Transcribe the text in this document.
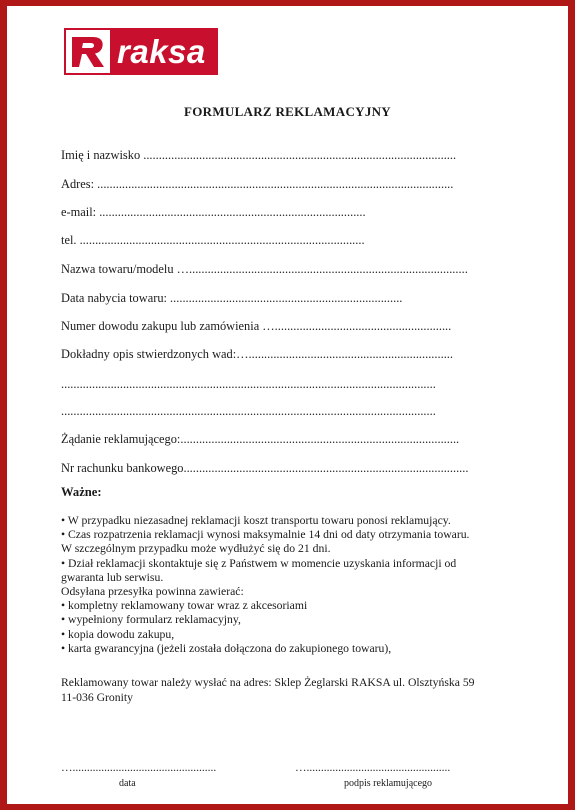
raksa
FORMULARZ REKLAMACYJNY
Imię i nazwisko .....................................................................................................
Adres: ...................................................................................................................
e-mail: ......................................................................................
tel. ............................................................................................
Nazwa towaru/modelu …..........................................................................................
Data nabycia towaru: ...........................................................................
Numer dowodu zakupu lub zamówienia ….........................................................
Dokładny opis stwierdzonych wad:…..................................................................
.........................................................................................................................
.........................................................................................................................
Żądanie reklamującego:..........................................................................................
Nr rachunku bankowego............................................................................................
Ważne:
• W przypadku niezasadnej reklamacji koszt transportu towaru ponosi reklamujący.
• Czas rozpatrzenia reklamacji wynosi maksymalnie 14 dni od daty otrzymania towaru.
W szczególnym przypadku może wydłużyć się do 21 dni.
• Dział reklamacji skontaktuje się z Państwem w momencie uzyskania informacji od
gwaranta lub serwisu.
Odsyłana przesyłka powinna zawierać:
• kompletny reklamowany towar wraz z akcesoriami
• wypełniony formularz reklamacyjny,
• kopia dowodu zakupu,
• karta gwarancyjna (jeżeli została dołączona do zakupionego towaru),
Reklamowany towar należy wysłać na adres: Sklep Żeglarski RAKSA ul. Olsztyńska 59
11-036 Gronity
…..................................................
data
…..................................................
podpis reklamującego
